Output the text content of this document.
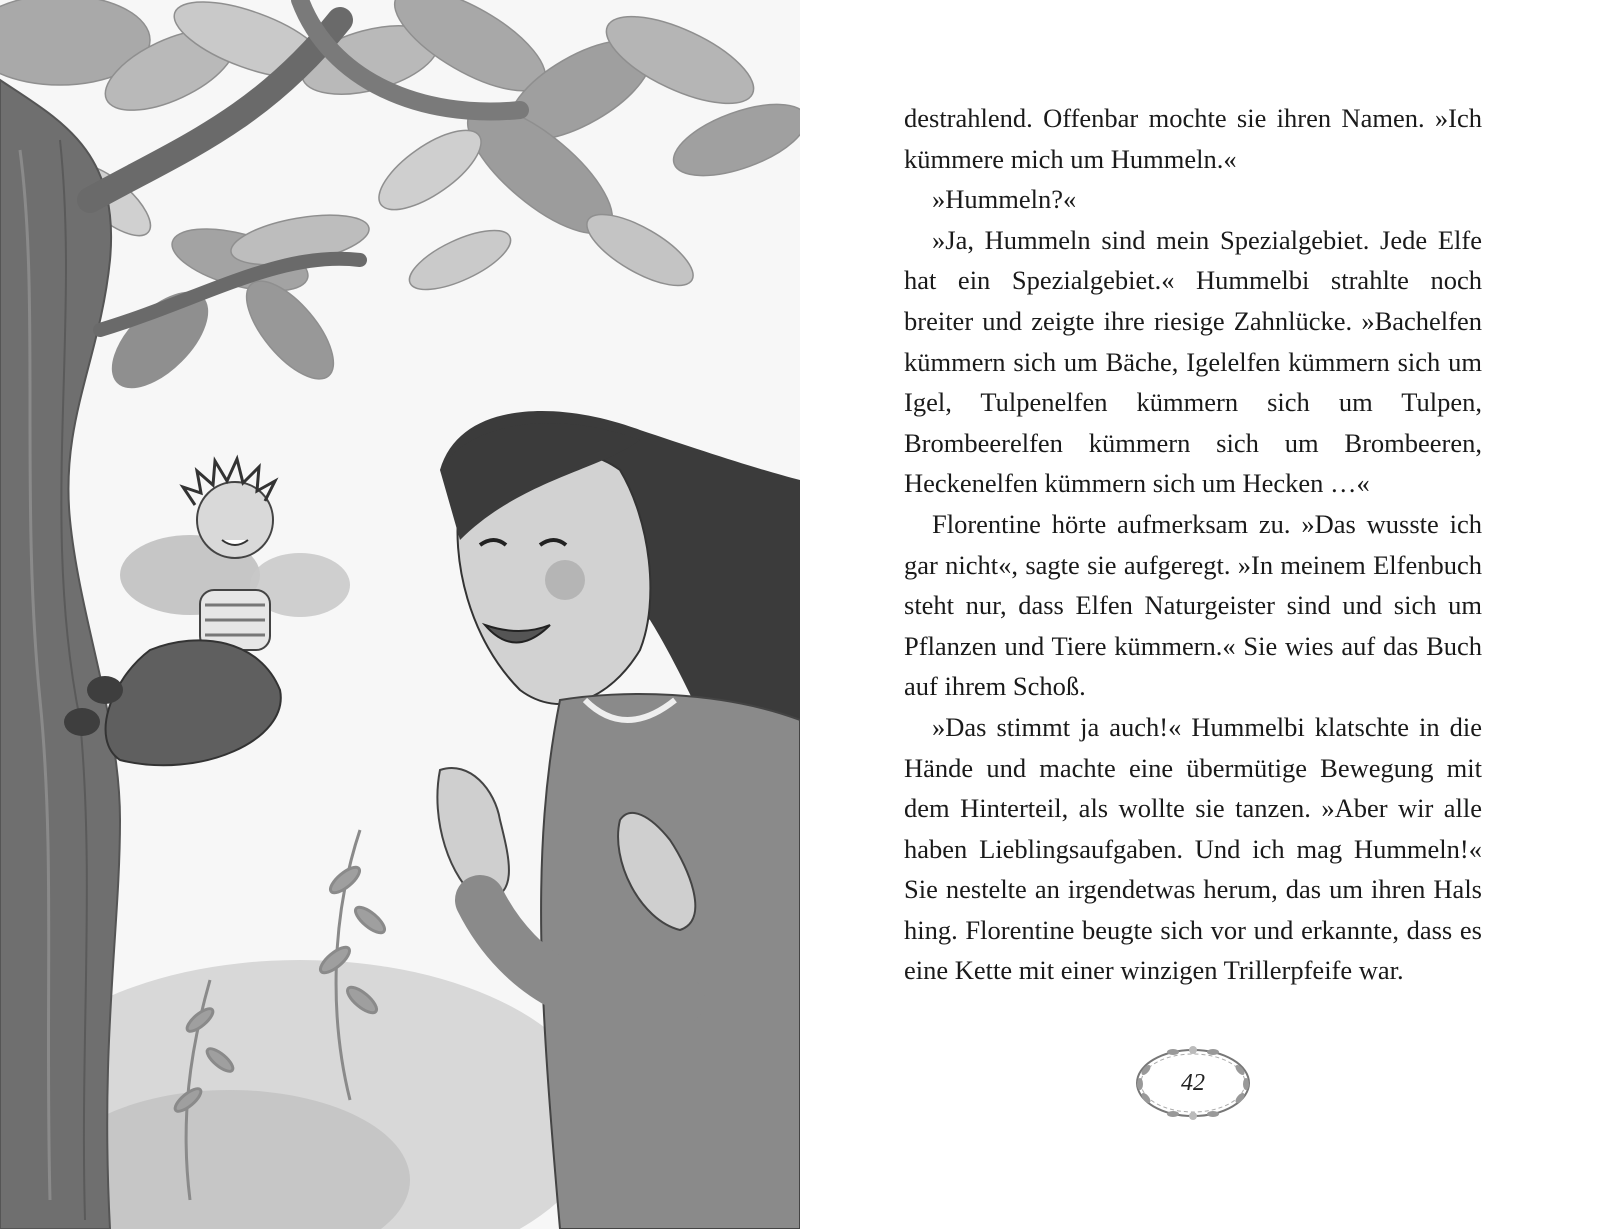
destrahlend. Offenbar mochte sie ihren Namen. »Ich kümmere mich um Hummeln.«

»Hummeln?«

»Ja, Hummeln sind mein Spezialgebiet. Jede Elfe hat ein Spezialgebiet.« Hummelbi strahlte noch breiter und zeigte ihre riesige Zahnlücke. »Bachelfen kümmern sich um Bäche, Igelelfen kümmern sich um Igel, Tulpenelfen kümmern sich um Tulpen, Brombeerelfen kümmern sich um Brombeeren, Heckenelfen kümmern sich um Hecken …«

Florentine hörte aufmerksam zu. »Das wusste ich gar nicht«, sagte sie aufgeregt. »In meinem Elfenbuch steht nur, dass Elfen Naturgeister sind und sich um Pflanzen und Tiere kümmern.« Sie wies auf das Buch auf ihrem Schoß.

»Das stimmt ja auch!« Hummelbi klatschte in die Hände und machte eine übermütige Bewegung mit dem Hinterteil, als wollte sie tanzen. »Aber wir alle haben Lieblingsaufgaben. Und ich mag Hummeln!« Sie nestelte an irgendetwas herum, das um ihren Hals hing. Florentine beugte sich vor und erkannte, dass es eine Kette mit einer winzigen Trillerpfeife war.

42
